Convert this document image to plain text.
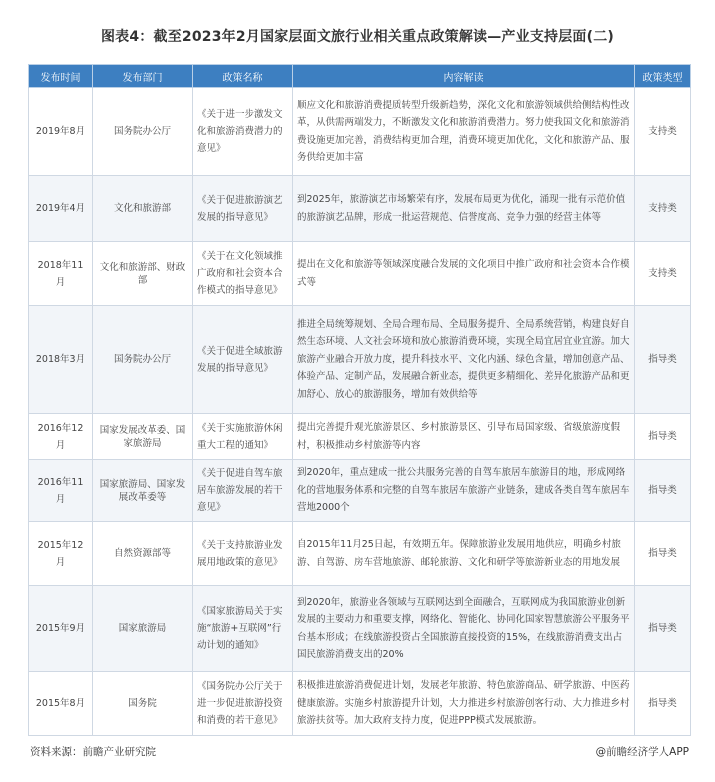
图表4：截至2023年2月国家层面文旅行业相关重点政策解读—产业支持层面(二)
发布时间	发布部门	政策名称	内容解读	政策类型
2019年8月	国务院办公厅	《关于进一步激发文化和旅游消费潜力的意见》	顺应文化和旅游消费提质转型升级新趋势，深化文化和旅游领域供给侧结构性改革，从供需两端发力，不断激发文化和旅游消费潜力。努力使我国文化和旅游消费设施更加完善，消费结构更加合理，消费环境更加优化，文化和旅游产品、服务供给更加丰富	支持类
2019年4月	文化和旅游部	《关于促进旅游演艺发展的指导意见》	到2025年，旅游演艺市场繁荣有序，发展布局更为优化，涌现一批有示范价值的旅游演艺品牌，形成一批运营规范、信誉度高、竞争力强的经营主体等	支持类
2018年11月	文化和旅游部、财政部	《关于在文化领域推广政府和社会资本合作模式的指导意见》	提出在文化和旅游等领域深度融合发展的文化项目中推广政府和社会资本合作模式等	支持类
2018年3月	国务院办公厅	《关于促进全域旅游发展的指导意见》	推进全局统筹规划、全局合理布局、全局服务提升、全局系统营销，构建良好自然生态环境、人文社会环境和放心旅游消费环境，实现全局宜居宜业宜游。加大旅游产业融合开放力度，提升科技水平、文化内涵、绿色含量，增加创意产品、体验产品、定制产品，发展融合新业态，提供更多精细化、差异化旅游产品和更加舒心、放心的旅游服务，增加有效供给等	指导类
2016年12月	国家发展改革委、国家旅游局	《关于实施旅游休闲重大工程的通知》	提出完善提升观光旅游景区、乡村旅游景区、引导布局国家级、省级旅游度假村，积极推动乡村旅游等内容	指导类
2016年11月	国家旅游局、国家发展改革委等	《关于促进自驾车旅居车旅游发展的若干意见》	到2020年，重点建成一批公共服务完善的自驾车旅居车旅游目的地，形成网络化的营地服务体系和完整的自驾车旅居车旅游产业链条，建成各类自驾车旅居车营地2000个	指导类
2015年12月	自然资源部等	《关于支持旅游业发展用地政策的意见》	自2015年11月25日起，有效期五年。保障旅游业发展用地供应，明确乡村旅游、自驾游、房车营地旅游、邮轮旅游、文化和研学等旅游新业态的用地发展	指导类
2015年9月	国家旅游局	《国家旅游局关于实施“旅游+互联网”行动计划的通知》	到2020年，旅游业各领域与互联网达到全面融合，互联网成为我国旅游业创新发展的主要动力和重要支撑，网络化、智能化、协同化国家智慧旅游公平服务平台基本形成；在线旅游投资占全国旅游直接投资的15%，在线旅游消费支出占国民旅游消费支出的20%	指导类
2015年8月	国务院	《国务院办公厅关于进一步促进旅游投资和消费的若干意见》	积极推进旅游消费促进计划，发展老年旅游、特色旅游商品、研学旅游、中医药健康旅游。实施乡村旅游提升计划，大力推进乡村旅游创客行动、大力推进乡村旅游扶贫等。加大政府支持力度，促进PPP模式发展旅游。	指导类
资料来源：前瞻产业研究院	@前瞻经济学人APP
